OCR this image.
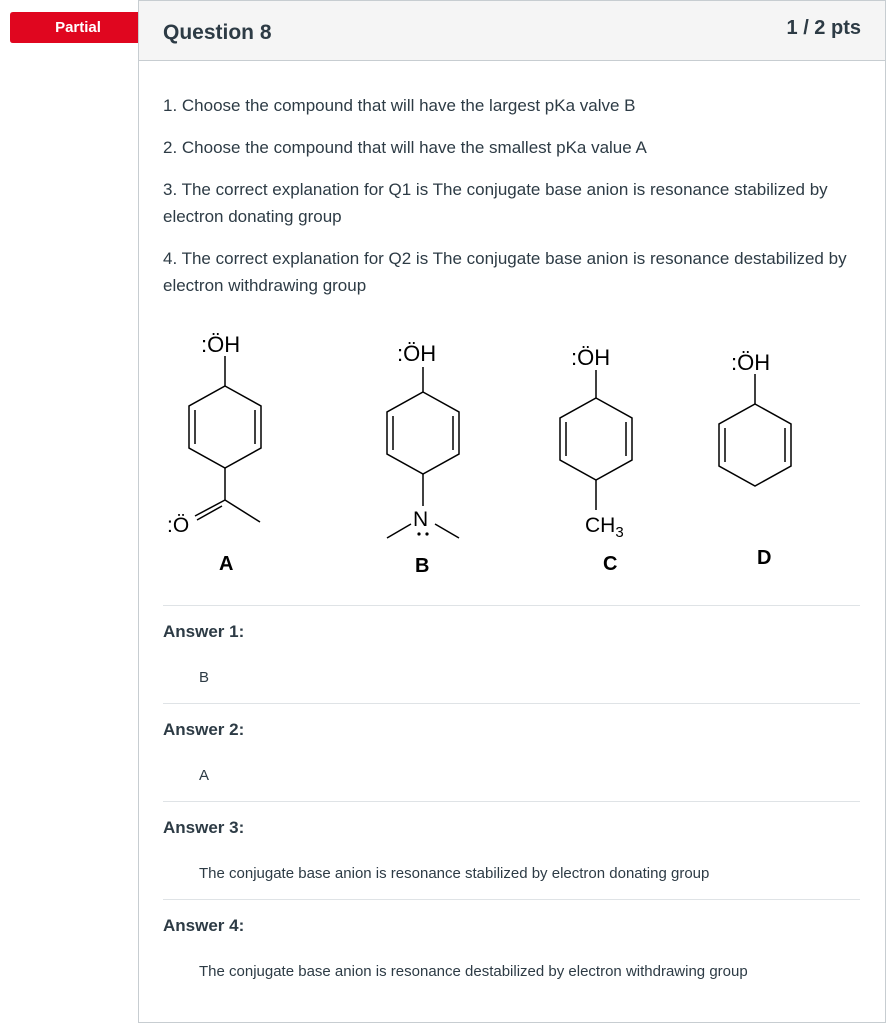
Partial	Question 8	1 / 2 pts

1. Choose the compound that will have the largest pKa valve B

2. Choose the compound that will have the smallest pKa value A

3. The correct explanation for Q1 is The conjugate base anion is resonance stabilized by electron donating group

4. The correct explanation for Q2 is The conjugate base anion is resonance destabilized by electron withdrawing group

:ÖH
:Ö
A
:ÖH
N
B
:ÖH
$CH_3$
C
:ÖH
D
Answer 1:
B
Answer 2:
A
Answer 3:
The conjugate base anion is resonance stabilized by electron donating group
Answer 4:
The conjugate base anion is resonance destabilized by electron withdrawing group
